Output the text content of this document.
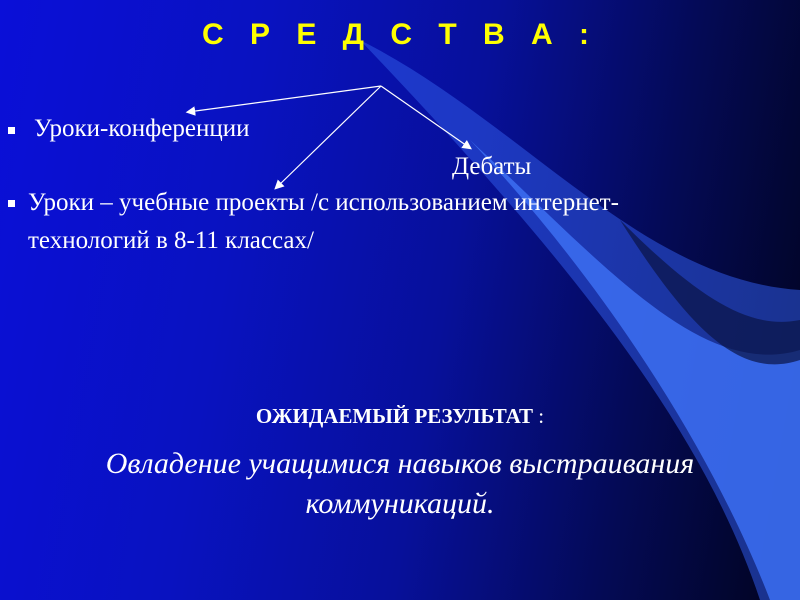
С Р Е Д С Т В А :
Уроки-конференции
Дебаты
Уроки – учебные проекты /с использованием интернет-
технологий в 8-11 классах/
ОЖИДАЕМЫЙ РЕЗУЛЬТАТ :
Овладение учащимися навыков выстраивания
коммуникаций.
